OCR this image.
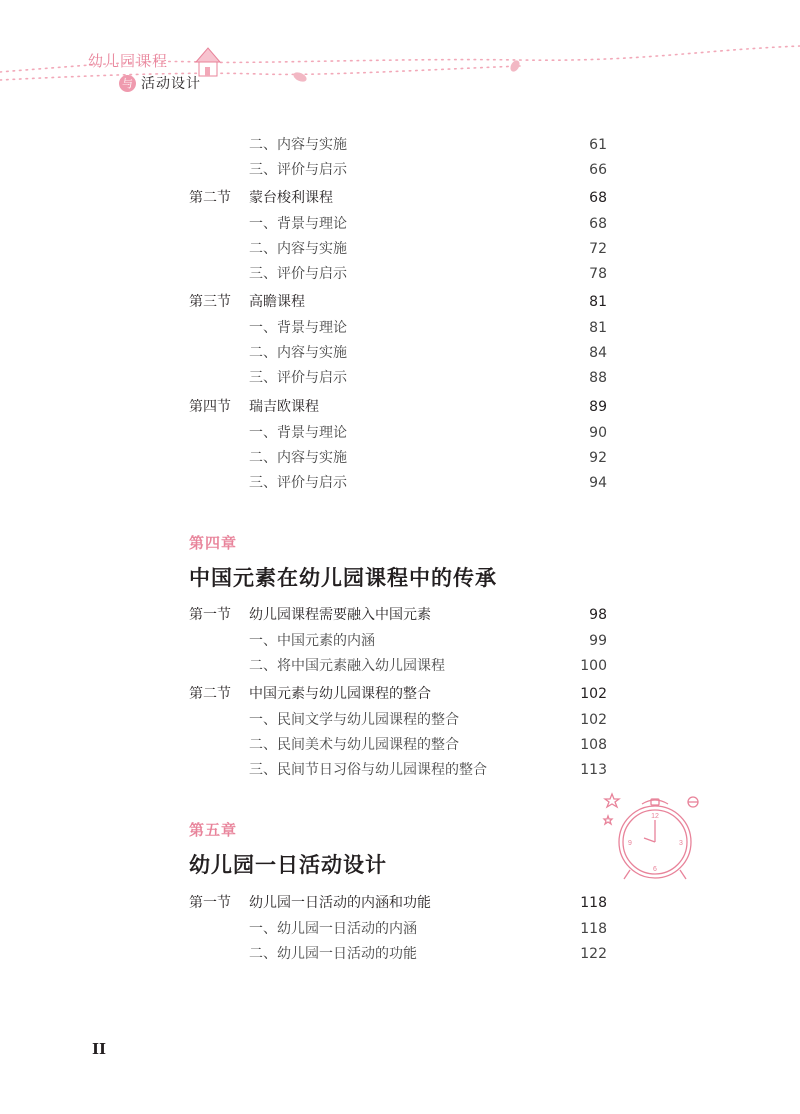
幼儿园课程
与 活动设计
二、内容与实施	61
三、评价与启示	66
第二节 蒙台梭利课程	68
一、背景与理论	68
二、内容与实施	72
三、评价与启示	78
第三节 高瞻课程	81
一、背景与理论	81
二、内容与实施	84
三、评价与启示	88
第四节 瑞吉欧课程	89
一、背景与理论	90
二、内容与实施	92
三、评价与启示	94
第四章
中国元素在幼儿园课程中的传承
第一节 幼儿园课程需要融入中国元素	98
一、中国元素的内涵	99
二、将中国元素融入幼儿园课程	100
第二节 中国元素与幼儿园课程的整合	102
一、民间文学与幼儿园课程的整合	102
二、民间美术与幼儿园课程的整合	108
三、民间节日习俗与幼儿园课程的整合	113
12
3
6
9
第五章
幼儿园一日活动设计
第一节 幼儿园一日活动的内涵和功能	118
一、幼儿园一日活动的内涵	118
二、幼儿园一日活动的功能	122
II
